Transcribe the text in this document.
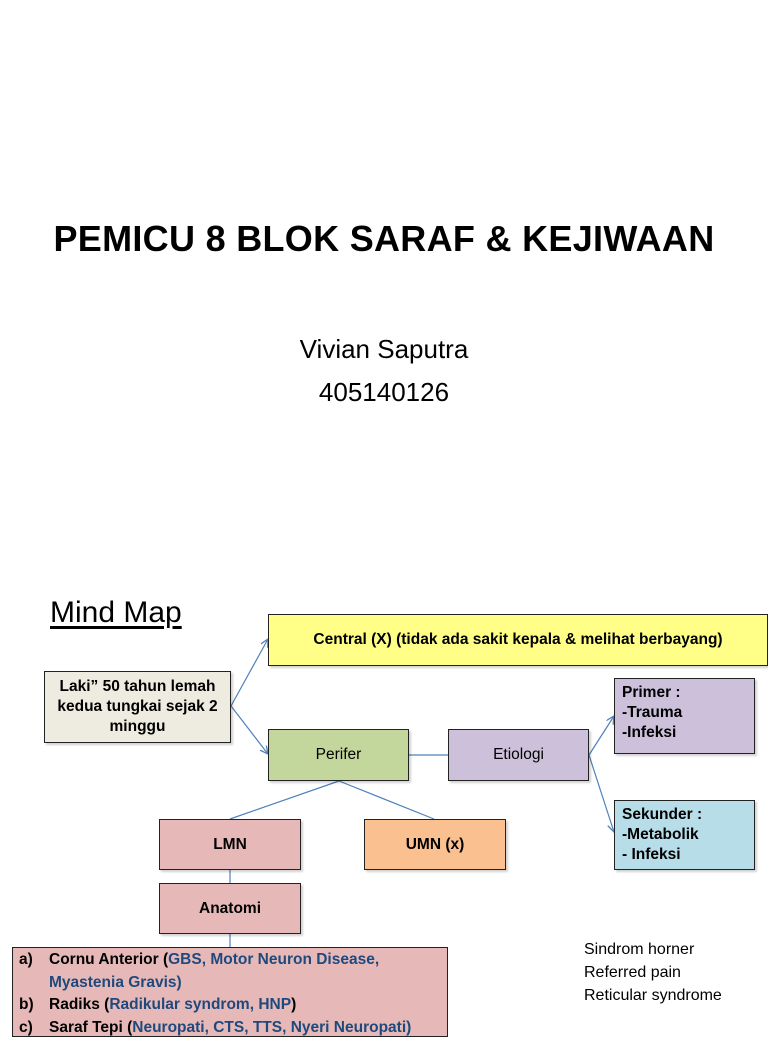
PEMICU 8 BLOK SARAF & KEJIWAAN
Vivian Saputra
405140126
Mind Map
Central (X) (tidak ada sakit kepala & melihat berbayang)
Laki” 50 tahun lemah kedua tungkai sejak 2 minggu
Perifer	Etiologi
Primer :
-Trauma
-Infeksi
Sekunder :
-Metabolik
- Infeksi
LMN	UMN (x)
Anatomi
a)	Cornu Anterior ( GBS, Motor Neuron Disease,
Myastenia Gravis)
b) Radiks ( Radikular syndrom, HNP )
c)	Saraf Tepi ( Neuropati, CTS, TTS, Nyeri Neuropati)
Sindrom horner
Referred pain
Reticular syndrome
